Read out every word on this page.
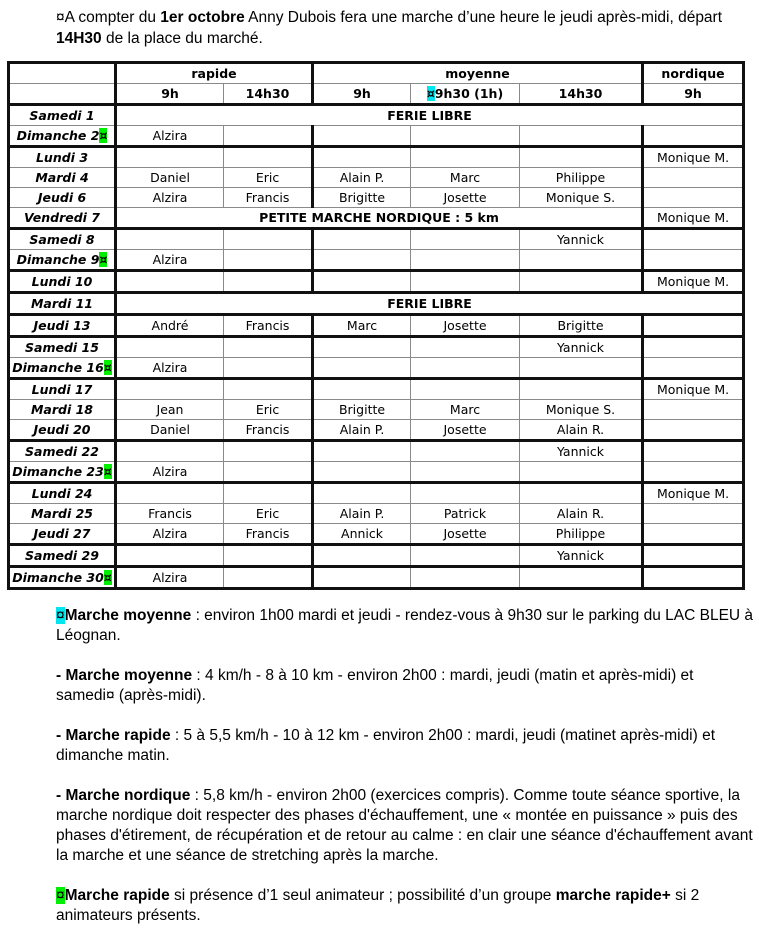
¤A compter du 1er octobre Anny Dubois fera une marche d’une heure le jeudi après-midi, départ 14H30 de la place du marché.
	rapide		moyenne			nordique
	9h	14h30	9h	¤9h30 (1h)	14h30	9h
Samedi 1	FERIE LIBRE					
Dimanche 2¤	Alzira					
Lundi 3						Monique M.
Mardi 4	Daniel	Eric	Alain P.	Marc	Philippe	
Jeudi 6	Alzira	Francis	Brigitte	Josette	Monique S.	
Vendredi 7	PETITE MARCHE NORDIQUE : 5 km					Monique M.
Samedi 8					Yannick	
Dimanche 9¤	Alzira					
Lundi 10						Monique M.
Mardi 11	FERIE LIBRE					
Jeudi 13	André	Francis	Marc	Josette	Brigitte	
Samedi 15					Yannick	
Dimanche 16¤	Alzira					
Lundi 17						Monique M.
Mardi 18	Jean	Eric	Brigitte	Marc	Monique S.	
Jeudi 20	Daniel	Francis	Alain P.	Josette	Alain R.	
Samedi 22					Yannick	
Dimanche 23¤	Alzira					
Lundi 24						Monique M.
Mardi 25	Francis	Eric	Alain P.	Patrick	Alain R.	
Jeudi 27	Alzira	Francis	Annick	Josette	Philippe	
Samedi 29					Yannick	
Dimanche 30¤	Alzira					

¤Marche moyenne : environ 1h00 mardi et jeudi - rendez-vous à 9h30 sur le parking du LAC BLEU à Léognan.

- Marche moyenne : 4 km/h - 8 à 10 km - environ 2h00 : mardi, jeudi (matin et après-midi) et samedi¤ (après-midi).

- Marche rapide : 5 à 5,5 km/h - 10 à 12 km - environ 2h00 : mardi, jeudi (matinet après-midi) et dimanche matin.

- Marche nordique : 5,8 km/h - environ 2h00 (exercices compris). Comme toute séance sportive, la marche nordique doit respecter des phases d'échauffement, une « montée en puissance » puis des phases d'étirement, de récupération et de retour au calme : en clair une séance d'échauffement avant la marche et une séance de stretching après la marche.

¤Marche rapide si présence d’1 seul animateur ; possibilité d’un groupe marche rapide+ si 2 animateurs présents.
